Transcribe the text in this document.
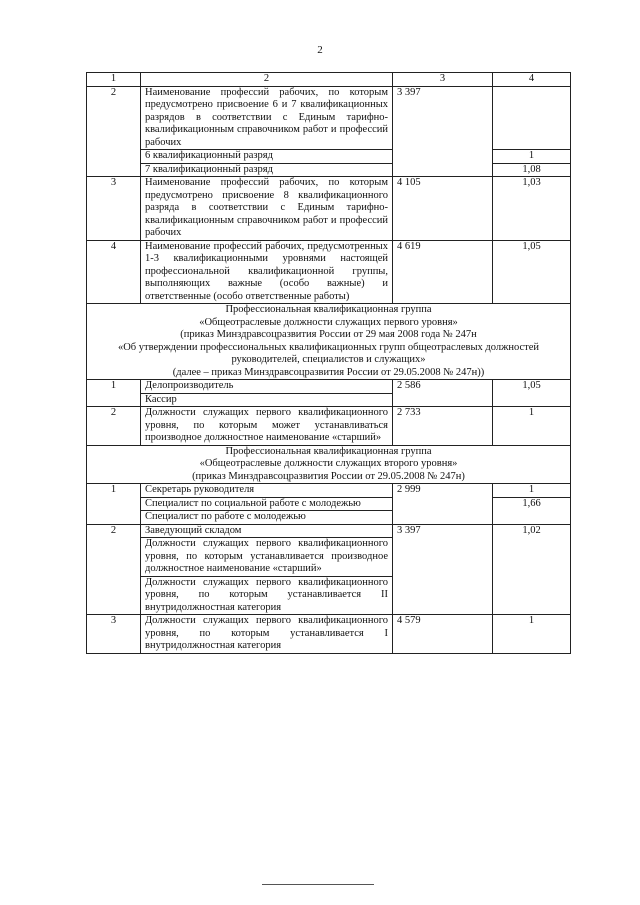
2
1	2	3	4
2	Наименование профессий рабочих, по которым предусмотрено присвоение 6 и 7 квалификационных разрядов в соответствии с Единым тарифно-квалификационным справочником работ и профессий рабочих	3 397	
	6 квалификационный разряд		1
	7 квалификационный разряд		1,08
3	Наименование профессий рабочих, по которым предусмотрено присвоение 8 квалификационного разряда в соответствии с Единым тарифно-квалификационным справочником работ и профессий рабочих	4 105	1,03
4	Наименование профессий рабочих, предусмотренных 1-3 квалификационными уровнями настоящей профессиональной квалификационной группы, выполняющих важные (особо важные) и ответственные (особо ответственные работы)	4 619	1,05

Профессиональная квалификационная группа
«Общеотраслевые должности служащих первого уровня»
(приказ Минздравсоцразвития России от 29 мая 2008 года № 247н
«Об утверждении профессиональных квалификационных групп общеотраслевых должностей руководителей, специалистов и служащих»
(далее – приказ Минздравсоцразвития России от 29.05.2008 № 247н))			

1	Делопроизводитель	2 586	1,05
	Кассир		
2	Должности служащих первого квалификационного уровня, по которым может устанавливаться производное должностное наименование «старший»	2 733	1

Профессиональная квалификационная группа
«Общеотраслевые должности служащих второго уровня»
(приказ Минздравсоцразвития России от 29.05.2008 № 247н)			

1	Секретарь руководителя	2 999	1
	Специалист по социальной работе с молодежью		1,66
	Специалист по работе с молодежью		
2	Заведующий складом	3 397	1,02
	Должности служащих первого квалификационного уровня, по которым устанавливается производное должностное наименование «старший»		
	Должности служащих первого квалификационного уровня, по которым устанавливается II внутридолжностная категория		
3	Должности служащих первого квалификационного уровня, по которым устанавливается I внутридолжностная категория	4 579	1
